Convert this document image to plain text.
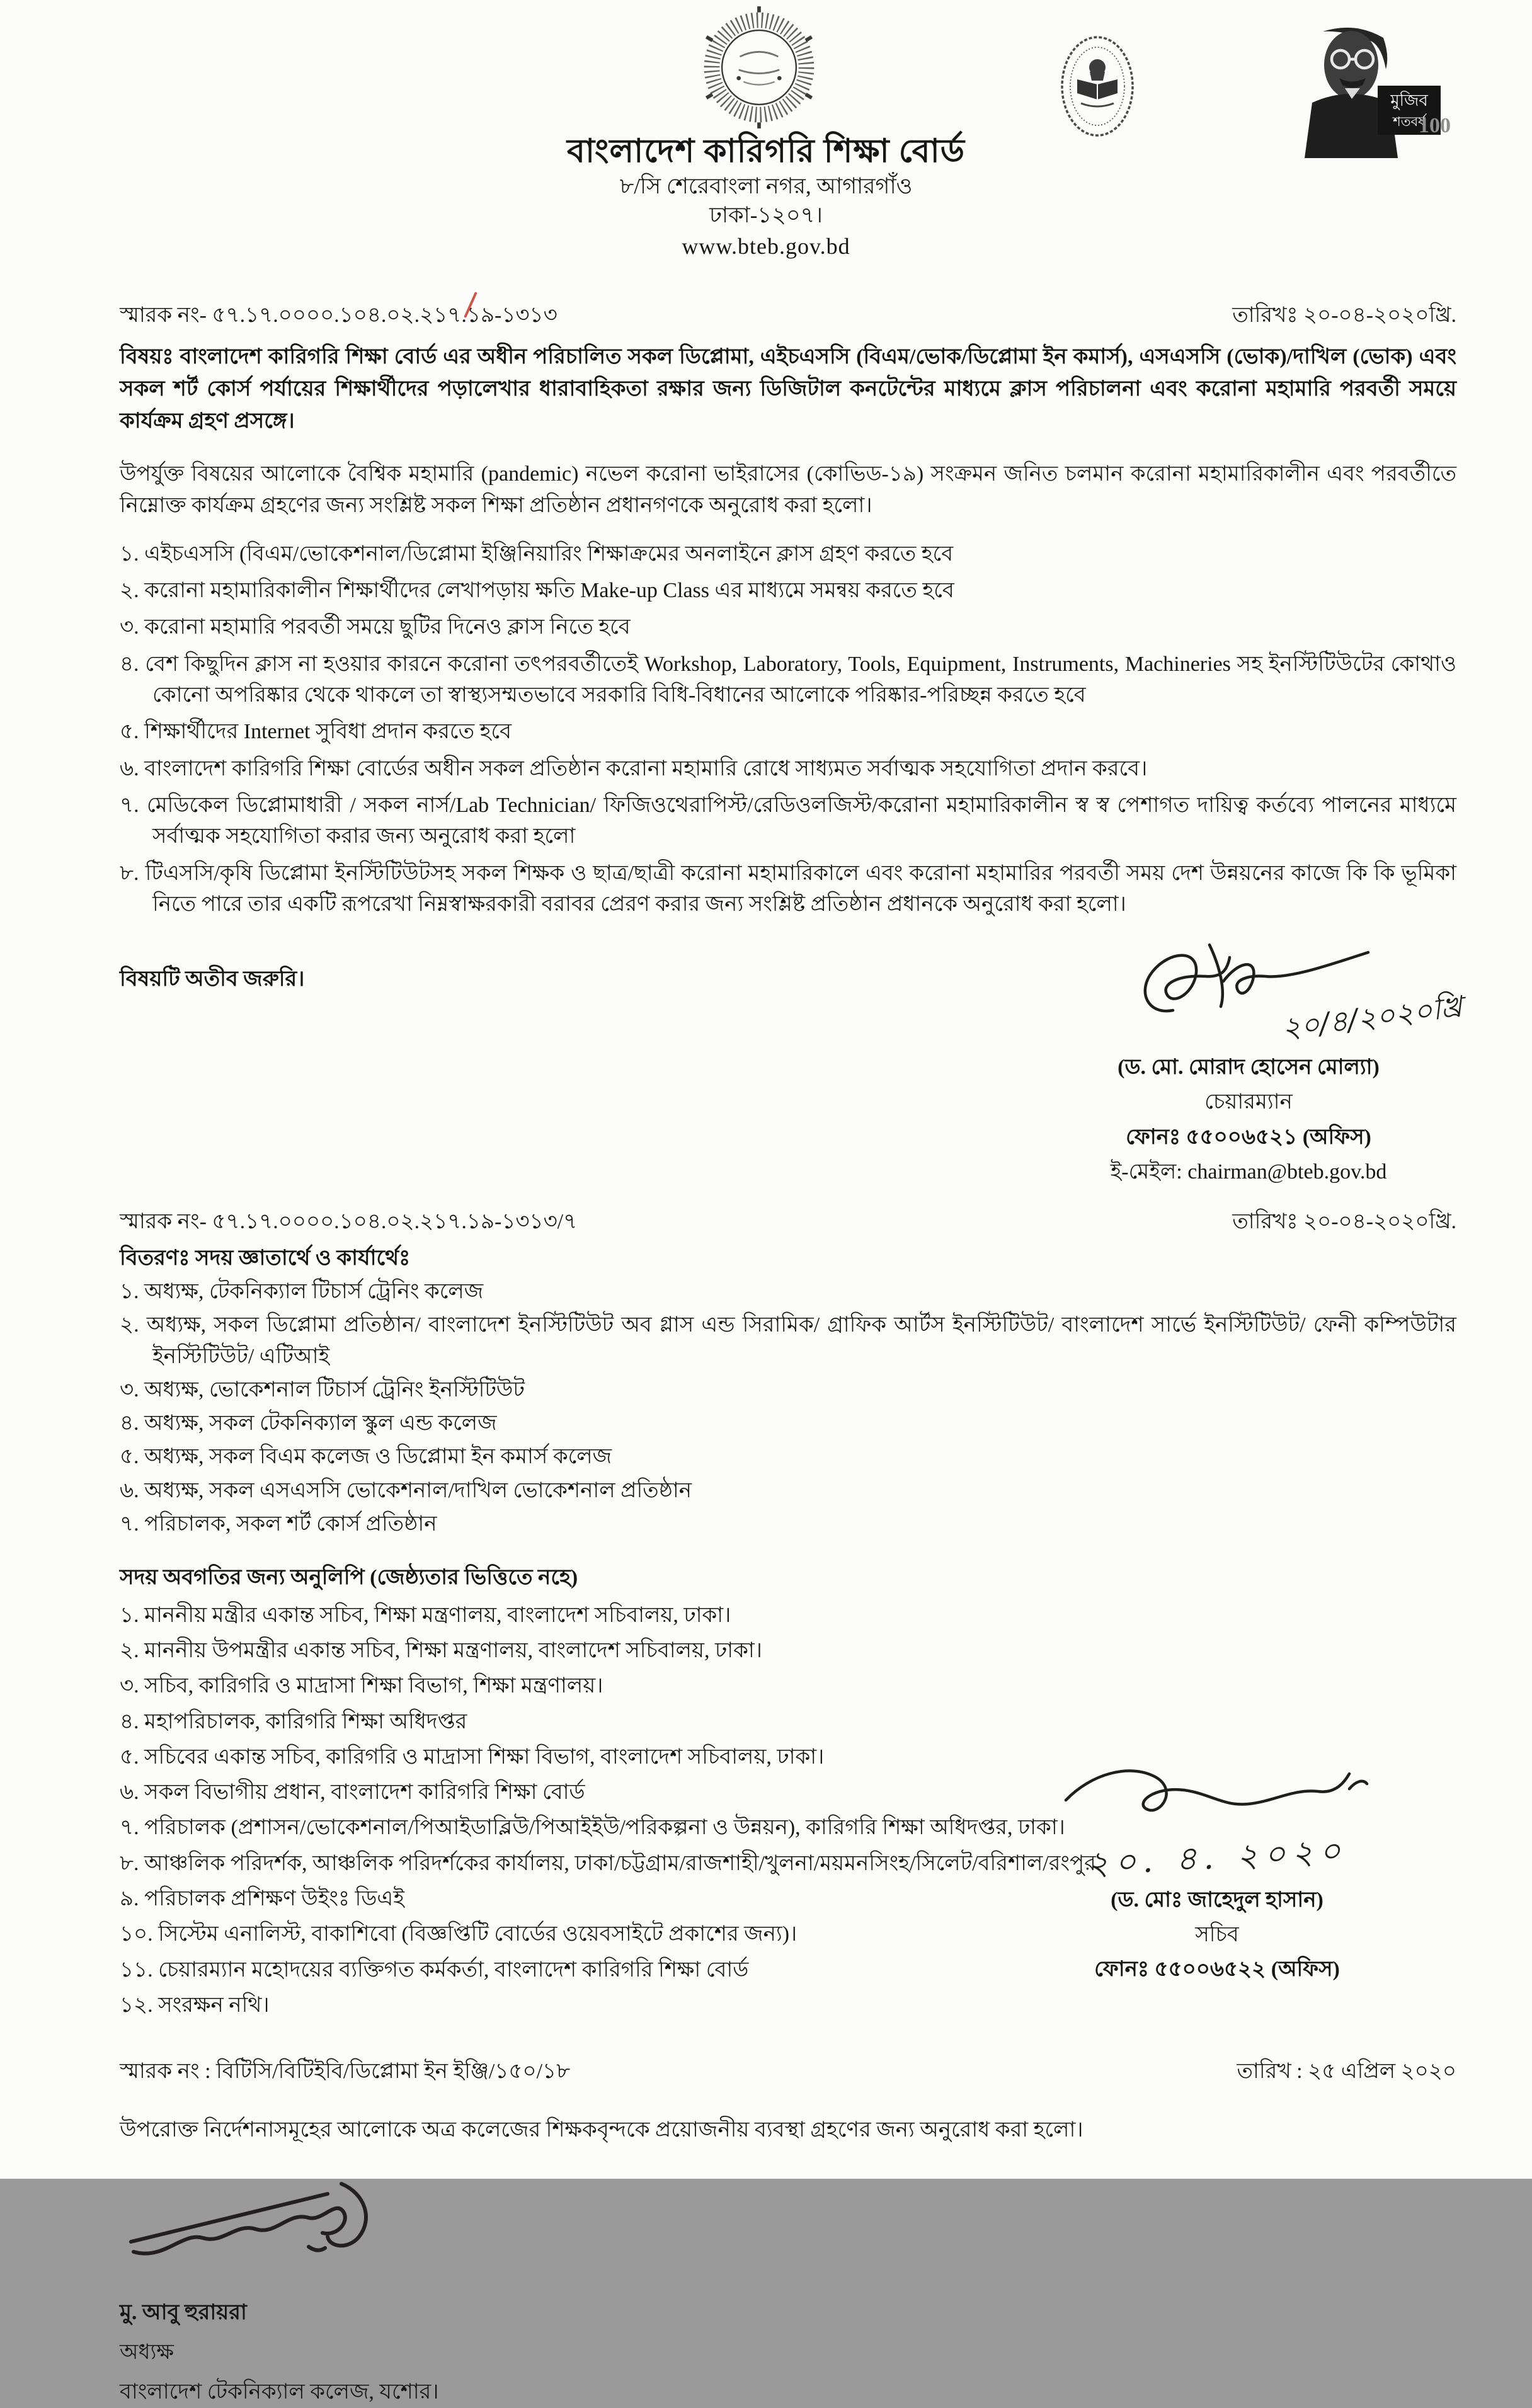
মুজিব
শতবর্ষ
100
বাংলাদেশ কারিগরি শিক্ষা বোর্ড
৮/সি শেরেবাংলা নগর, আগারগাঁও
ঢাকা-১২০৭।
www.bteb.gov.bd
স্মারক নং- ৫৭.১৭.০০০০.১০৪.০২.২১৭.১৯-১৩১৩	তারিখঃ ২০-০৪-২০২০খ্রি.
বিষয়ঃ বাংলাদেশ কারিগরি শিক্ষা বোর্ড এর অধীন পরিচালিত সকল ডিপ্লোমা, এইচএসসি (বিএম/ভোক/ডিপ্লোমা ইন কমার্স), এসএসসি (ভোক)/দাখিল (ভোক) এবং সকল শর্ট কোর্স পর্যায়ের শিক্ষার্থীদের পড়ালেখার ধারাবাহিকতা রক্ষার জন্য ডিজিটাল কনটেন্টের মাধ্যমে ক্লাস পরিচালনা এবং করোনা মহামারি পরবর্তী সময়ে কার্যক্রম গ্রহণ প্রসঙ্গে।
উপর্যুক্ত বিষয়ের আলোকে বৈশ্বিক মহামারি (pandemic) নভেল করোনা ভাইরাসের (কোভিড-১৯) সংক্রমন জনিত চলমান করোনা মহামারিকালীন এবং পরবর্তীতে নিম্নোক্ত কার্যক্রম গ্রহণের জন্য সংশ্লিষ্ট সকল শিক্ষা প্রতিষ্ঠান প্রধানগণকে অনুরোধ করা হলো।
১. এইচএসসি (বিএম/ভোকেশনাল/ডিপ্লোমা ইঞ্জিনিয়ারিং শিক্ষাক্রমের অনলাইনে ক্লাস গ্রহণ করতে হবে
২. করোনা মহামারিকালীন শিক্ষার্থীদের লেখাপড়ায় ক্ষতি Make-up Class এর মাধ্যমে সমন্বয় করতে হবে
৩. করোনা মহামারি পরবর্তী সময়ে ছুটির দিনেও ক্লাস নিতে হবে
৪. বেশ কিছুদিন ক্লাস না হওয়ার কারনে করোনা তৎপরবর্তীতেই Workshop, Laboratory, Tools, Equipment, Instruments, Machineries সহ ইনস্টিটিউটের কোথাও কোনো অপরিষ্কার থেকে থাকলে তা স্বাস্থ্যসম্মতভাবে সরকারি বিধি-বিধানের আলোকে পরিষ্কার-পরিচ্ছন্ন করতে হবে
৫. শিক্ষার্থীদের Internet সুবিধা প্রদান করতে হবে
৬. বাংলাদেশ কারিগরি শিক্ষা বোর্ডের অধীন সকল প্রতিষ্ঠান করোনা মহামারি রোধে সাধ্যমত সর্বাত্মক সহযোগিতা প্রদান করবে।
৭. মেডিকেল ডিপ্লোমাধারী / সকল নার্স/Lab Technician/ ফিজিওথেরাপিস্ট/রেডিওলজিস্ট/করোনা মহামারিকালীন স্ব স্ব পেশাগত দায়িত্ব কর্তব্যে পালনের মাধ্যমে সর্বাত্মক সহযোগিতা করার জন্য অনুরোধ করা হলো
৮. টিএসসি/কৃষি ডিপ্লোমা ইনস্টিটিউটসহ সকল শিক্ষক ও ছাত্র/ছাত্রী করোনা মহামারিকালে এবং করোনা মহামারির পরবর্তী সময় দেশ উন্নয়নের কাজে কি কি ভূমিকা নিতে পারে তার একটি রূপরেখা নিম্নস্বাক্ষরকারী বরাবর প্রেরণ করার জন্য সংশ্লিষ্ট প্রতিষ্ঠান প্রধানকে অনুরোধ করা হলো।
বিষয়টি অতীব জরুরি।
২০/৪/২০২০খ্রি
(ড. মো. মোরাদ হোসেন মোল্যা)
চেয়ারম্যান
ফোনঃ ৫৫০০৬৫২১ (অফিস)
ই-মেইল: chairman@bteb.gov.bd
স্মারক নং- ৫৭.১৭.০০০০.১০৪.০২.২১৭.১৯-১৩১৩/৭	তারিখঃ ২০-০৪-২০২০খ্রি.
বিতরণঃ সদয় জ্ঞাতার্থে ও কার্যার্থেঃ
১. অধ্যক্ষ, টেকনিক্যাল টিচার্স ট্রেনিং কলেজ
২. অধ্যক্ষ, সকল ডিপ্লোমা প্রতিষ্ঠান/ বাংলাদেশ ইনস্টিটিউট অব গ্লাস এন্ড সিরামিক/ গ্রাফিক আর্টস ইনস্টিটিউট/ বাংলাদেশ সার্ভে ইনস্টিটিউট/ ফেনী কম্পিউটার ইনস্টিটিউট/ এটিআই
৩. অধ্যক্ষ, ভোকেশনাল টিচার্স ট্রেনিং ইনস্টিটিউট
৪. অধ্যক্ষ, সকল টেকনিক্যাল স্কুল এন্ড কলেজ
৫. অধ্যক্ষ, সকল বিএম কলেজ ও ডিপ্লোমা ইন কমার্স কলেজ
৬. অধ্যক্ষ, সকল এসএসসি ভোকেশনাল/দাখিল ভোকেশনাল প্রতিষ্ঠান
৭. পরিচালক, সকল শর্ট কোর্স প্রতিষ্ঠান
সদয় অবগতির জন্য অনুলিপি (জেষ্ঠ্যতার ভিত্তিতে নহে)
১. মাননীয় মন্ত্রীর একান্ত সচিব, শিক্ষা মন্ত্রণালয়, বাংলাদেশ সচিবালয়, ঢাকা।
২. মাননীয় উপমন্ত্রীর একান্ত সচিব, শিক্ষা মন্ত্রণালয়, বাংলাদেশ সচিবালয়, ঢাকা।
৩. সচিব, কারিগরি ও মাদ্রাসা শিক্ষা বিভাগ, শিক্ষা মন্ত্রণালয়।
৪. মহাপরিচালক, কারিগরি শিক্ষা অধিদপ্তর
৫. সচিবের একান্ত সচিব, কারিগরি ও মাদ্রাসা শিক্ষা বিভাগ, বাংলাদেশ সচিবালয়, ঢাকা।
৬. সকল বিভাগীয় প্রধান, বাংলাদেশ কারিগরি শিক্ষা বোর্ড
৭. পরিচালক (প্রশাসন/ভোকেশনাল/পিআইডাব্লিউ/পিআইইউ/পরিকল্পনা ও উন্নয়ন), কারিগরি শিক্ষা অধিদপ্তর, ঢাকা।
৮. আঞ্চলিক পরিদর্শক, আঞ্চলিক পরিদর্শকের কার্যালয়, ঢাকা/চট্টগ্রাম/রাজশাহী/খুলনা/ময়মনসিংহ/সিলেট/বরিশাল/রংপুর
৯. পরিচালক প্রশিক্ষণ উইংঃ ডিএই
১০. সিস্টেম এনালিস্ট, বাকাশিবো (বিজ্ঞপ্তিটি বোর্ডের ওয়েবসাইটে প্রকাশের জন্য)।
১১. চেয়ারম্যান মহোদয়ের ব্যক্তিগত কর্মকর্তা, বাংলাদেশ কারিগরি শিক্ষা বোর্ড
১২. সংরক্ষন নথি।
২০. ৪. ২০২০
(ড. মোঃ জাহেদুল হাসান)
সচিব
ফোনঃ ৫৫০০৬৫২২ (অফিস)
স্মারক নং : বিটিসি/বিটিইবি/ডিপ্লোমা ইন ইঞ্জি/১৫০/১৮	তারিখ : ২৫ এপ্রিল ২০২০
উপরোক্ত নির্দেশনাসমূহের আলোকে অত্র কলেজের শিক্ষকবৃন্দকে প্রয়োজনীয় ব্যবস্থা গ্রহণের জন্য অনুরোধ করা হলো।
মু. আবু হুরায়রা
অধ্যক্ষ
বাংলাদেশ টেকনিক্যাল কলেজ, যশোর।
